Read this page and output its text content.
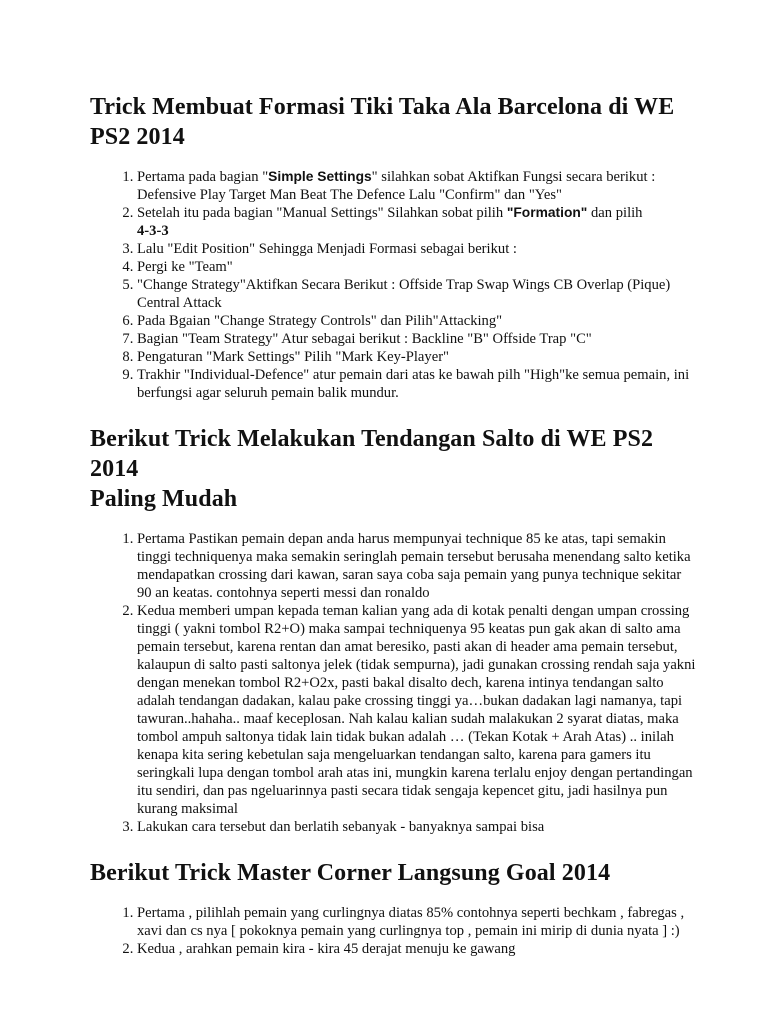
Trick Membuat Formasi Tiki Taka Ala Barcelona di WE
PS2 2014
1. Pertama pada bagian "Simple Settings" silahkan sobat Aktifkan Fungsi secara berikut : Defensive Play Target Man Beat The Defence Lalu "Confirm" dan "Yes"
2. Setelah itu pada bagian "Manual Settings" Silahkan sobat pilih "Formation" dan pilih
4-3-3
3. Lalu "Edit Position" Sehingga Menjadi Formasi sebagai berikut :
4. Pergi ke "Team"
5. "Change Strategy"Aktifkan Secara Berikut : Offside Trap Swap Wings CB Overlap (Pique) Central Attack
6. Pada Bgaian "Change Strategy Controls" dan Pilih"Attacking"
7. Bagian "Team Strategy" Atur sebagai berikut : Backline "B" Offside Trap "C"
8. Pengaturan "Mark Settings" Pilih "Mark Key-Player"
9. Trakhir "Individual-Defence" atur pemain dari atas ke bawah pilh "High"ke semua pemain, ini berfungsi agar seluruh pemain balik mundur.
Berikut Trick Melakukan Tendangan Salto di WE PS2 2014
Paling Mudah
1. Pertama Pastikan pemain depan anda harus mempunyai technique 85 ke atas, tapi semakin tinggi techniquenya maka semakin seringlah pemain tersebut berusaha menendang salto ketika mendapatkan crossing dari kawan, saran saya coba saja pemain yang punya technique sekitar 90 an keatas. contohnya seperti messi dan ronaldo
2. Kedua memberi umpan kepada teman kalian yang ada di kotak penalti dengan umpan crossing tinggi ( yakni tombol R2+O) maka sampai techniquenya 95 keatas pun gak akan di salto ama pemain tersebut, karena rentan dan amat beresiko, pasti akan di header ama pemain tersebut, kalaupun di salto pasti saltonya jelek (tidak sempurna), jadi gunakan crossing rendah saja yakni dengan menekan tombol R2+O2x, pasti bakal disalto dech, karena intinya tendangan salto adalah tendangan dadakan, kalau pake crossing tinggi ya…bukan dadakan lagi namanya, tapi tawuran..hahaha.. maaf keceplosan. Nah kalau kalian sudah malakukan 2 syarat diatas, maka tombol ampuh saltonya tidak lain tidak bukan adalah … (Tekan Kotak + Arah Atas) .. inilah kenapa kita sering kebetulan saja mengeluarkan tendangan salto, karena para gamers itu seringkali lupa dengan tombol arah atas ini, mungkin karena terlalu enjoy dengan pertandingan itu sendiri, dan pas ngeluarinnya pasti secara tidak sengaja kepencet gitu, jadi hasilnya pun kurang maksimal
3. Lakukan cara tersebut dan berlatih sebanyak - banyaknya sampai bisa
Berikut Trick Master Corner Langsung Goal 2014
1. Pertama , pilihlah pemain yang curlingnya diatas 85% contohnya seperti bechkam , fabregas , xavi dan cs nya [ pokoknya pemain yang curlingnya top , pemain ini mirip di dunia nyata ] :)
2. Kedua , arahkan pemain kira - kira 45 derajat menuju ke gawang
